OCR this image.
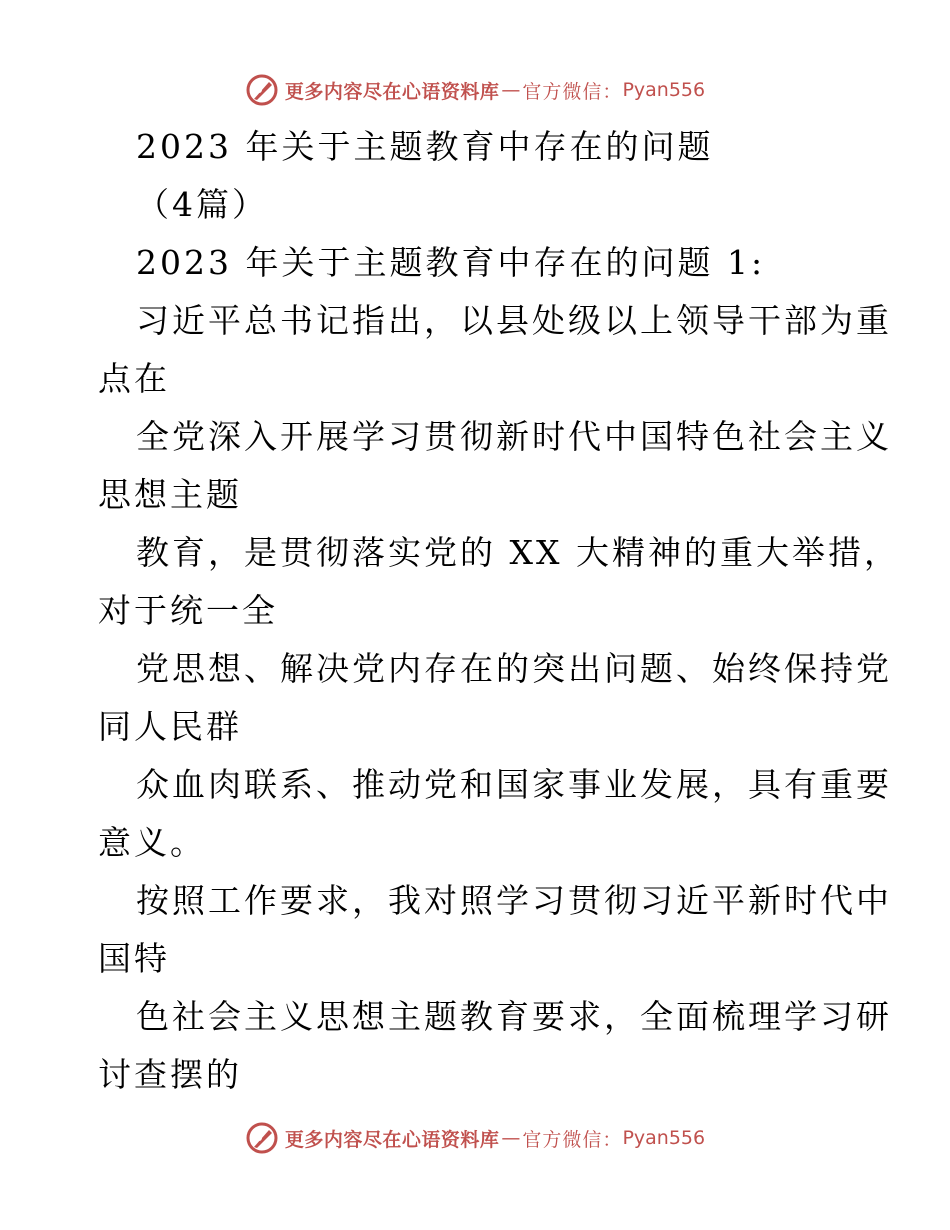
更多内容尽在心语资料库 — 官方微信： Pyan556
2023 年关于主题教育中存在的问题
（4篇）
2023 年关于主题教育中存在的问题 1:
习近平总书记指出，以县处级以上领导干部为重
点在
全党深入开展学习贯彻新时代中国特色社会主义
思想主题
教育，是贯彻落实党的 XX 大精神的重大举措，
对于统一全
党思想、解决党内存在的突出问题、始终保持党
同人民群
众血肉联系、推动党和国家事业发展，具有重要
意义。
按照工作要求，我对照学习贯彻习近平新时代中
国特
色社会主义思想主题教育要求，全面梳理学习研
讨查摆的
更多内容尽在心语资料库 — 官方微信： Pyan556
